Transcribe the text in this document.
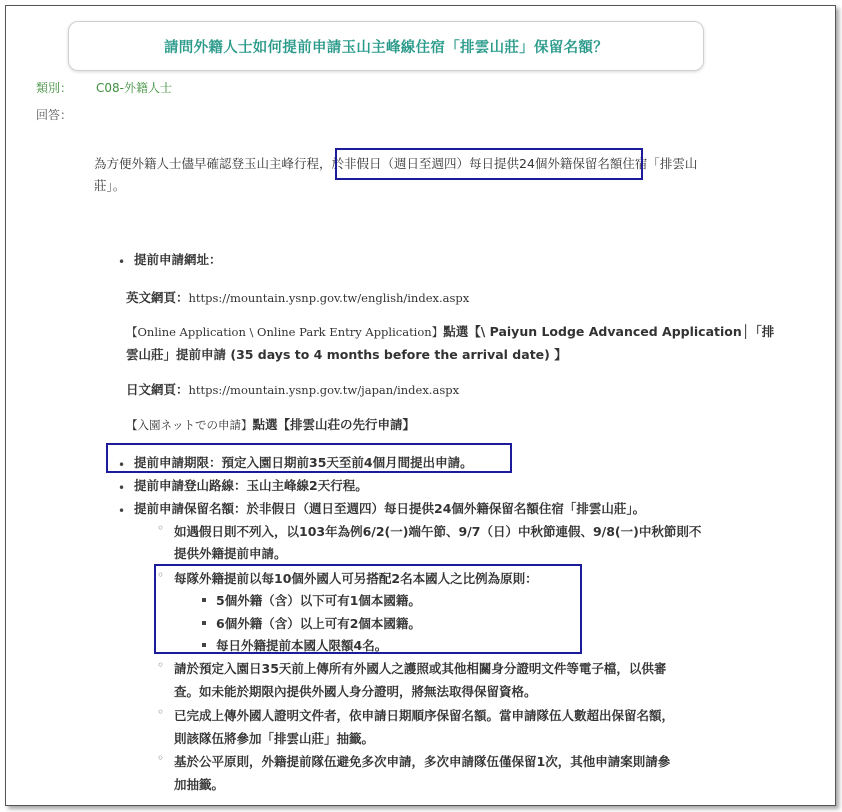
請問外籍人士如何提前申請玉山主峰線住宿「排雲山莊」保留名額？
類別： C08-外籍人士
回答：
為方便外籍人士儘早確認登玉山主峰行程，於非假日（週日至週四）每日提供24個外籍保留名額住宿「排雲山
莊」。
•
提前申請網址：
英文網頁：https://mountain.ysnp.gov.tw/english/index.aspx
【Online Application \ Online Park Entry Application】點選【\ Paiyun Lodge Advanced Application│「排
雲山莊」提前申請 (35 days to 4 months before the arrival date) 】
日文網頁：https://mountain.ysnp.gov.tw/japan/index.aspx
【入園ネットでの申請】點選【排雲山荘の先行申請】
•
提前申請期限：預定入園日期前35天至前4個月間提出申請。
•
提前申請登山路線：玉山主峰線2天行程。
•
提前申請保留名額：於非假日（週日至週四）每日提供24個外籍保留名額住宿「排雲山莊」。
◦ 如遇假日則不列入，以103年為例6/2(一)端午節、9/7（日）中秋節連假、9/8(一)中秋節則不
提供外籍提前申請。
◦ 每隊外籍提前以每10個外國人可另搭配2名本國人之比例為原則：
5個外籍（含）以下可有1個本國籍。
6個外籍（含）以上可有2個本國籍。
每日外籍提前本國人限額4名。
◦ 請於預定入園日35天前上傳所有外國人之護照或其他相關身分證明文件等電子檔，以供審
查。如未能於期限內提供外國人身分證明，將無法取得保留資格。
◦ 已完成上傳外國人證明文件者，依申請日期順序保留名額。當申請隊伍人數超出保留名額，
則該隊伍將參加「排雲山莊」抽籤。
◦ 基於公平原則，外籍提前隊伍避免多次申請，多次申請隊伍僅保留1次，其他申請案則請參
加抽籤。
